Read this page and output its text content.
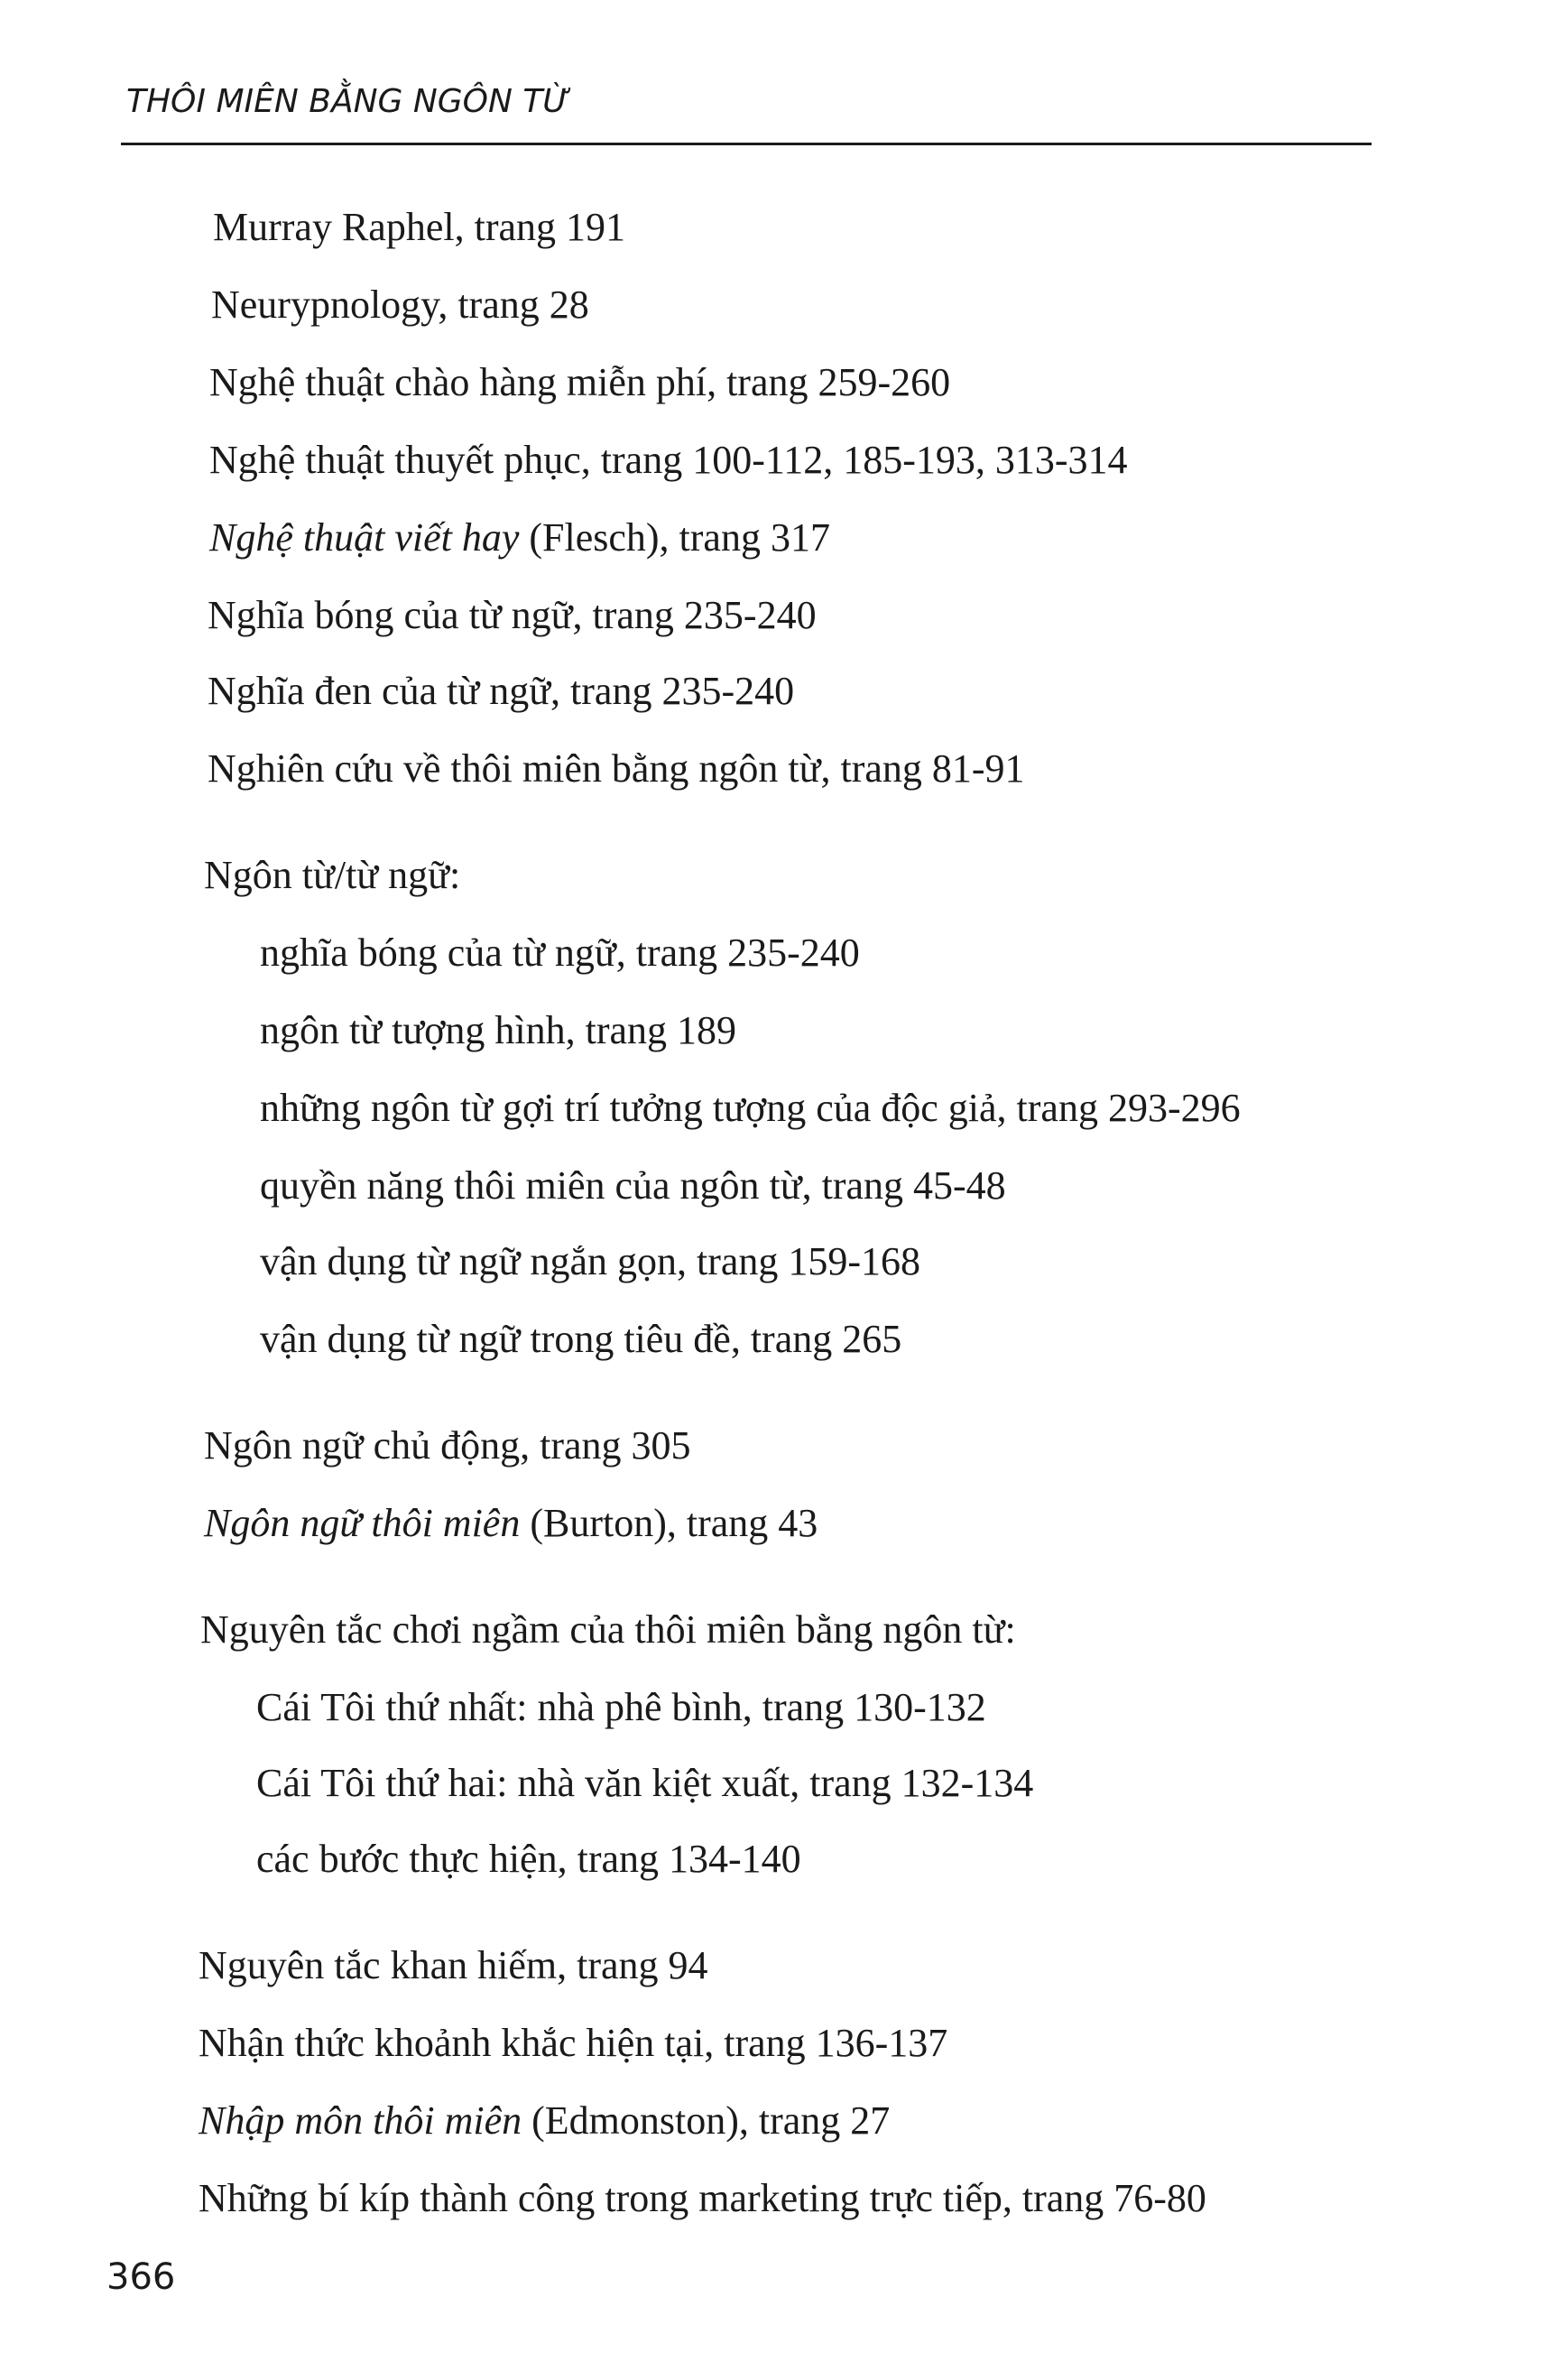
THÔI MIÊN BẰNG NGÔN TỪ
Murray Raphel, trang 191
Neurypnology, trang 28
Nghệ thuật chào hàng miễn phí, trang 259-260
Nghệ thuật thuyết phục, trang 100-112, 185-193, 313-314
Nghệ thuật viết hay (Flesch), trang 317
Nghĩa bóng của từ ngữ, trang 235-240
Nghĩa đen của từ ngữ, trang 235-240
Nghiên cứu về thôi miên bằng ngôn từ, trang 81-91
Ngôn từ/từ ngữ:
nghĩa bóng của từ ngữ, trang 235-240
ngôn từ tượng hình, trang 189
những ngôn từ gợi trí tưởng tượng của độc giả, trang 293-296
quyền năng thôi miên của ngôn từ, trang 45-48
vận dụng từ ngữ ngắn gọn, trang 159-168
vận dụng từ ngữ trong tiêu đề, trang 265
Ngôn ngữ chủ động, trang 305
Ngôn ngữ thôi miên (Burton), trang 43
Nguyên tắc chơi ngầm của thôi miên bằng ngôn từ:
Cái Tôi thứ nhất: nhà phê bình, trang 130-132
Cái Tôi thứ hai: nhà văn kiệt xuất, trang 132-134
các bước thực hiện, trang 134-140
Nguyên tắc khan hiếm, trang 94
Nhận thức khoảnh khắc hiện tại, trang 136-137
Nhập môn thôi miên (Edmonston), trang 27
Những bí kíp thành công trong marketing trực tiếp, trang 76-80
366
